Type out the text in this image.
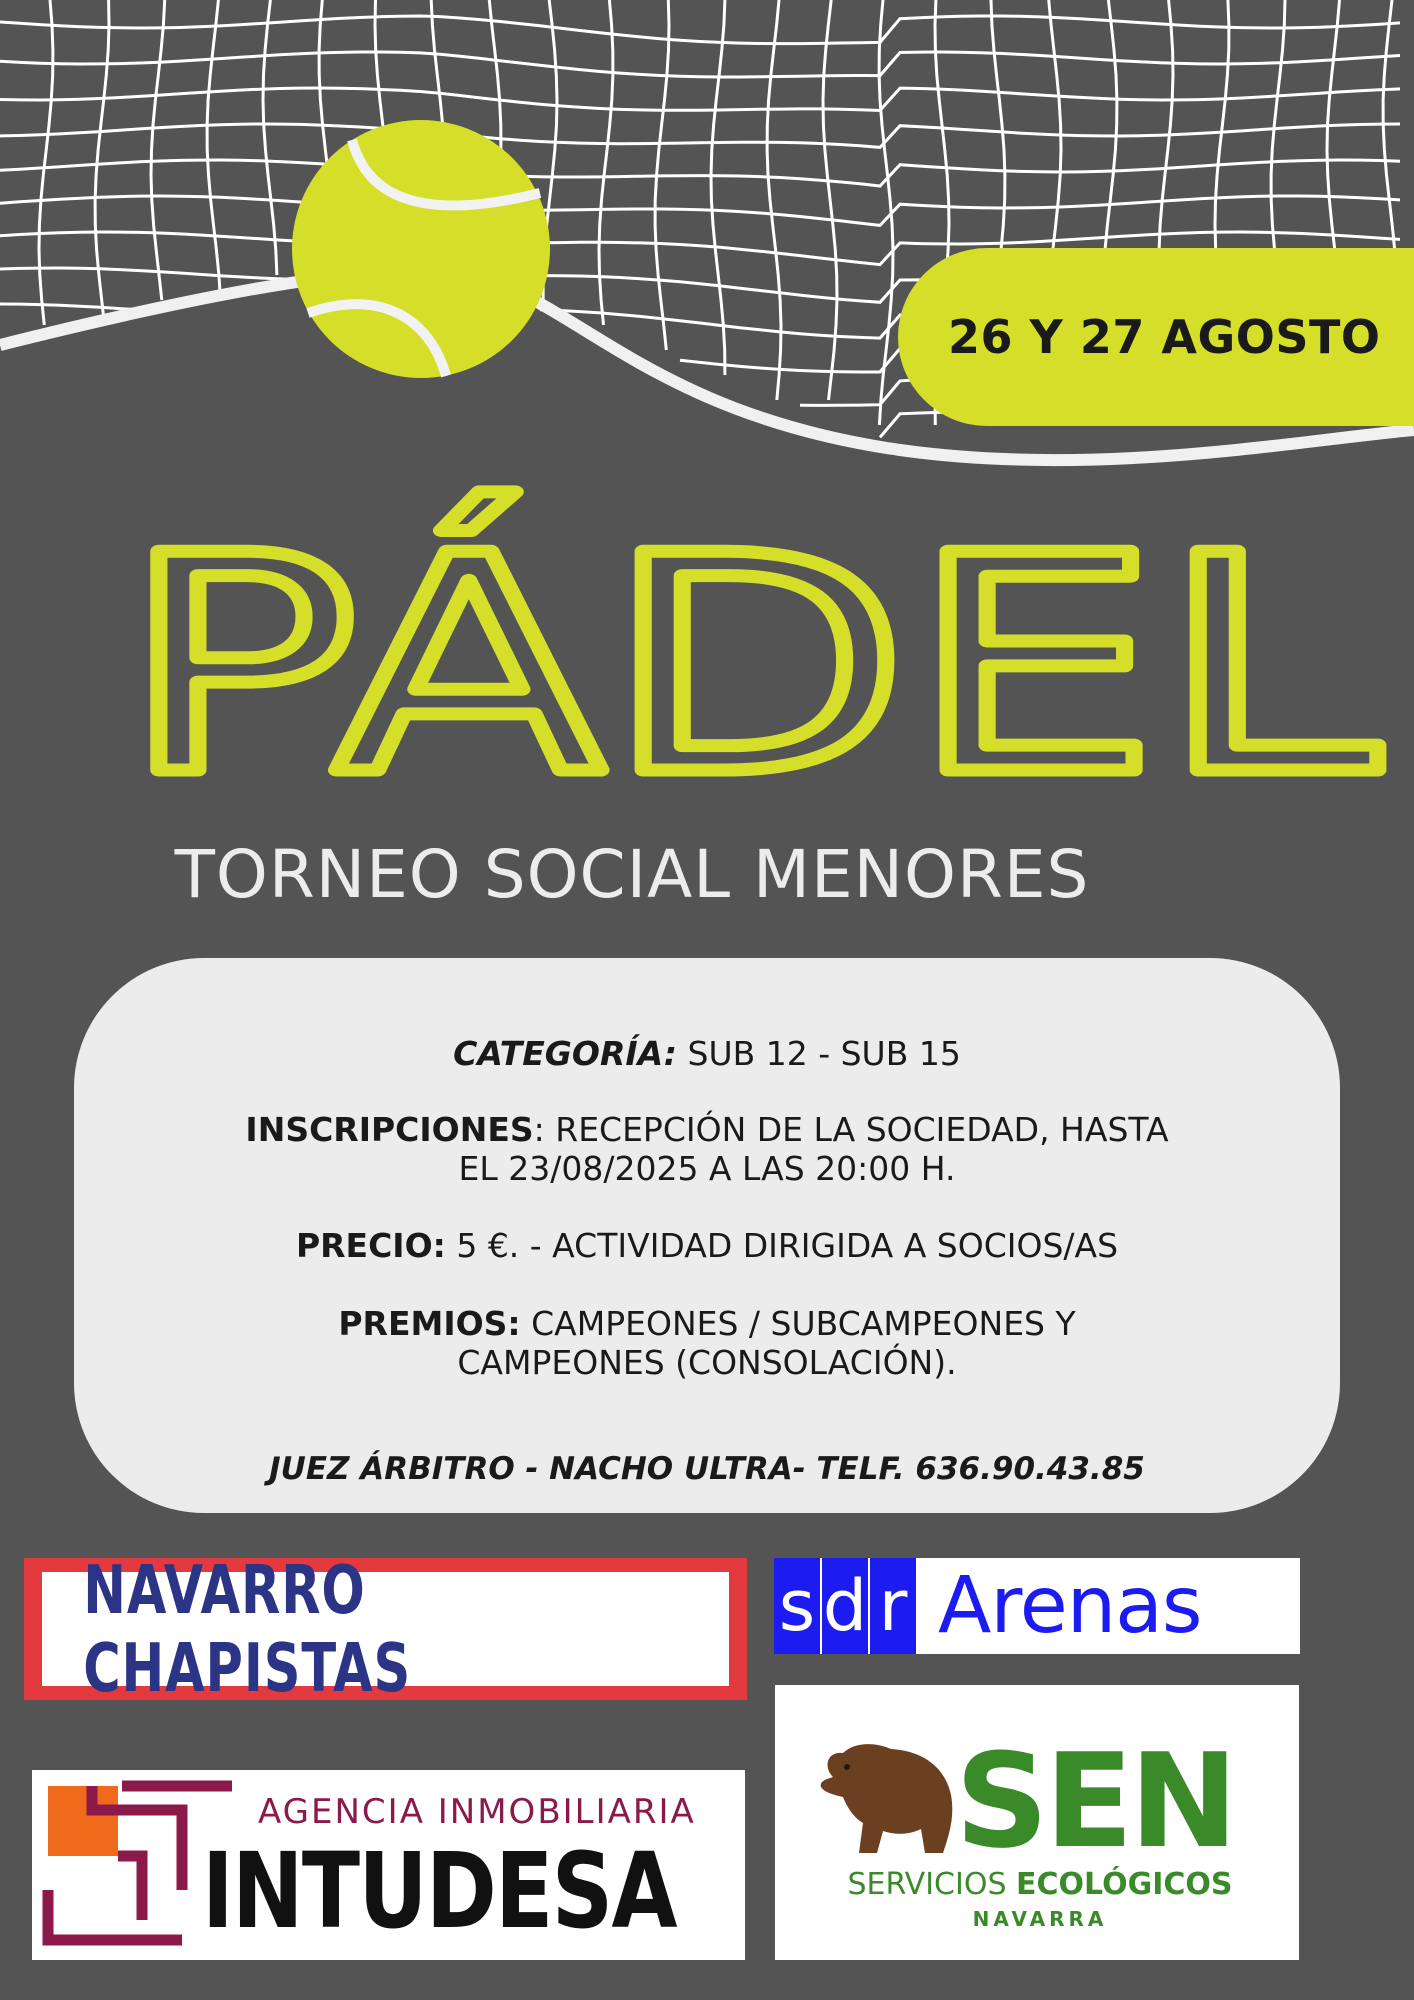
26 Y 27 AGOSTO
PÁDEL
TORNEO SOCIAL MENORES
CATEGORÍA: SUB 12 - SUB 15
INSCRIPCIONES: RECEPCIÓN DE LA SOCIEDAD, HASTA
EL 23/08/2025 A LAS 20:00 H.
PRECIO: 5 €. - ACTIVIDAD DIRIGIDA A SOCIOS/AS
PREMIOS: CAMPEONES / SUBCAMPEONES Y
CAMPEONES (CONSOLACIÓN).
JUEZ ÁRBITRO - NACHO ULTRA- TELF. 636.90.43.85
NAVARRO CHAPISTAS
s d r Arenas
AGENCIA INMOBILIARIA
INTUDESA
SEN
SERVICIOS ECOLÓGICOS
NAVARRA
